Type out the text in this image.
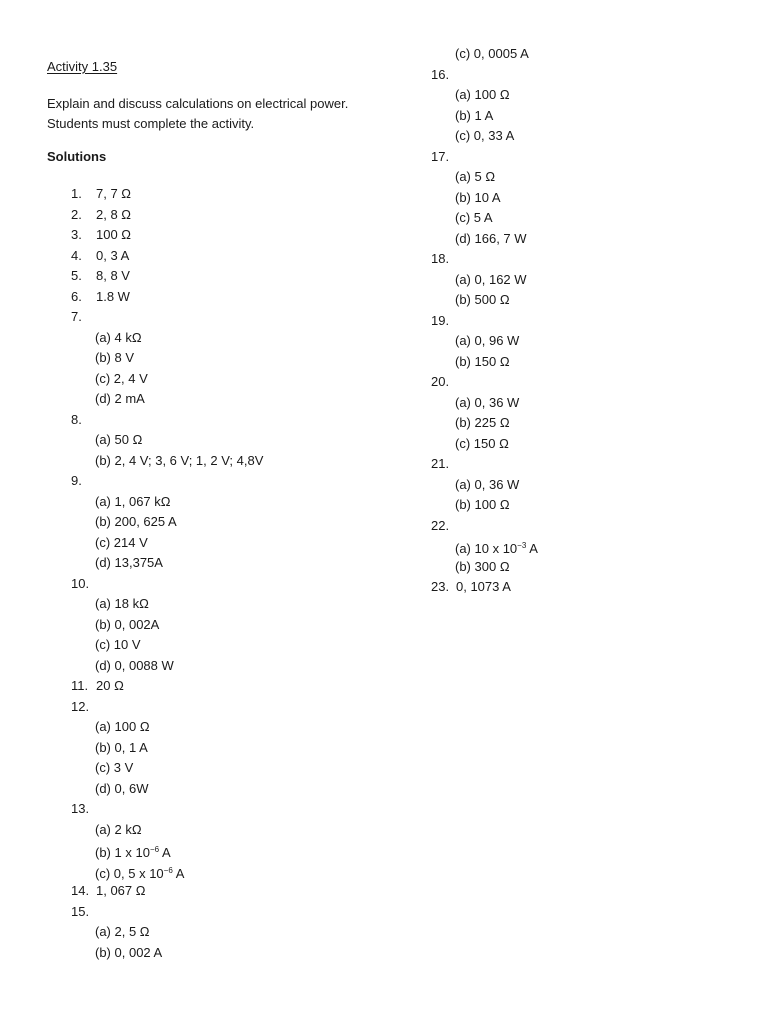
Activity 1.35
Explain and discuss calculations on electrical power. Students must complete the activity.
Solutions
1. 7, 7 Ω
2. 2, 8 Ω
3. 100 Ω
4. 0, 3 A
5. 8, 8 V
6. 1.8 W
7.
(a) 4 kΩ
(b) 8 V
(c) 2, 4 V
(d) 2 mA
8.
(a) 50 Ω
(b) 2, 4 V; 3, 6 V; 1, 2 V; 4,8V
9.
(a) 1, 067 kΩ
(b) 200, 625 A
(c) 214 V
(d) 13,375A
10.
(a) 18 kΩ
(b) 0, 002A
(c) 10 V
(d) 0, 0088 W
11. 20 Ω
12.
(a) 100 Ω
(b) 0, 1 A
(c) 3 V
(d) 0, 6W
13.
(a) 2 kΩ
(b) 1 x $10^{-6}$ A
(c) 0, 5 x $10^{-6}$ A
14. 1, 067 Ω
15.
(a) 2, 5 Ω
(b) 0, 002 A
(c) 0, 0005 A
16.
(a) 100 Ω
(b) 1 A
(c) 0, 33 A
17.
(a) 5 Ω
(b) 10 A
(c) 5 A
(d) 166, 7 W
18.
(a) 0, 162 W
(b) 500 Ω
19.
(a) 0, 96 W
(b) 150 Ω
20.
(a) 0, 36 W
(b) 225 Ω
(c) 150 Ω
21.
(a) 0, 36 W
(b) 100 Ω
22.
(a) 10 x $10^{-3}$ A
(b) 300 Ω
23. 0, 1073 A
